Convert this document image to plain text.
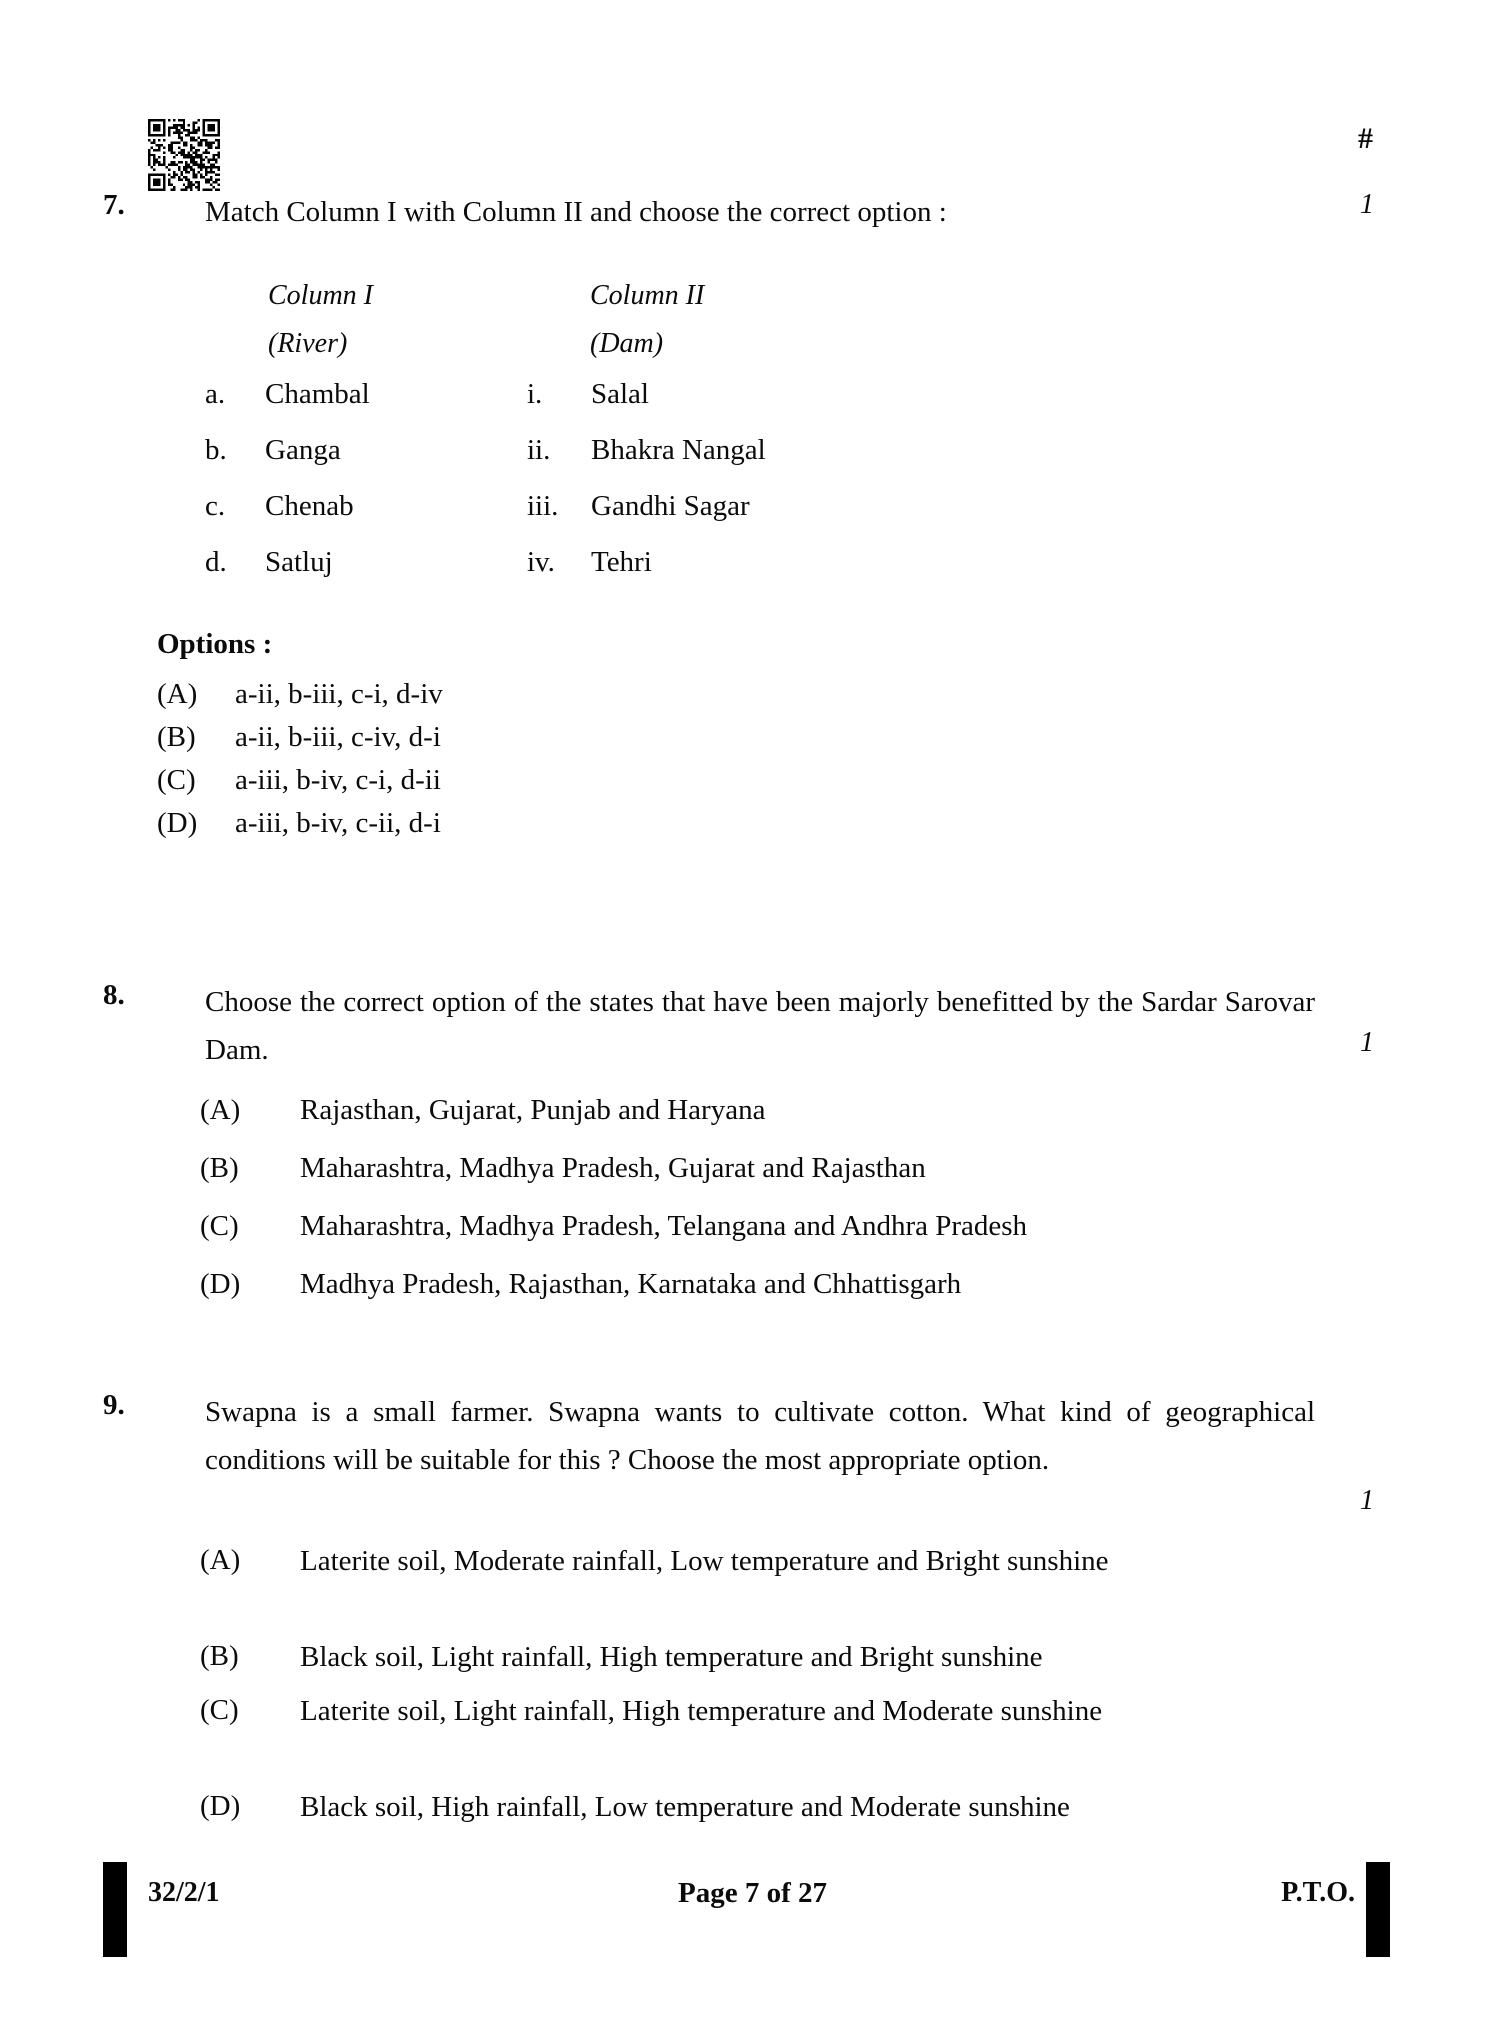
#
7.	Match Column I with Column II and choose the correct option :	1
Column I
(River)
Column II
(Dam)
a.	Chambal	i.	Salal
b.	Ganga	ii.	Bhakra Nangal
c.	Chenab	iii.	Gandhi Sagar
d.	Satluj	iv.	Tehri
Options :
(A)	a-ii, b-iii, c-i, d-iv
(B)	a-ii, b-iii, c-iv, d-i
(C)	a-iii, b-iv, c-i, d-ii
(D)	a-iii, b-iv, c-ii, d-i
8.	Choose the correct option of the states that have been majorly benefitted by the Sardar Sarovar Dam.	1
(A)	Rajasthan, Gujarat, Punjab and Haryana
(B)	Maharashtra, Madhya Pradesh, Gujarat and Rajasthan
(C)	Maharashtra, Madhya Pradesh, Telangana and Andhra Pradesh
(D)	Madhya Pradesh, Rajasthan, Karnataka and Chhattisgarh
9.	Swapna is a small farmer. Swapna wants to cultivate cotton. What kind of geographical conditions will be suitable for this ? Choose the most appropriate option.
1
(A)	Laterite soil, Moderate rainfall, Low temperature and Bright sunshine
(B)	Black soil, Light rainfall, High temperature and Bright sunshine
(C)	Laterite soil, Light rainfall, High temperature and Moderate sunshine
(D)	Black soil, High rainfall, Low temperature and Moderate sunshine
32/2/1	Page 7 of 27	P.T.O.
